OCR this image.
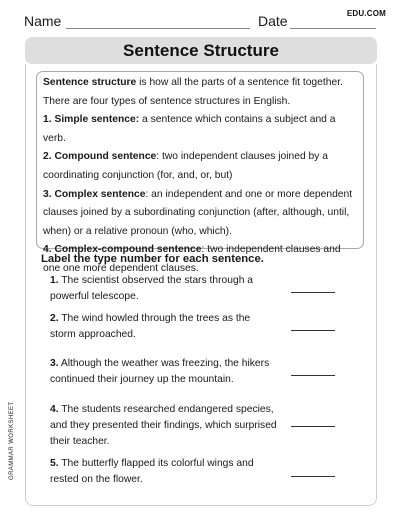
Name	Date	EDU.COM
Sentence Structure

Sentence structure is how all the parts of a sentence fit together. There are four types of sentence structures in English.

1. Simple sentence: a sentence which contains a subject and a verb.

2. Compound sentence: two independent clauses joined by a coordinating conjunction (for, and, or, but)

3. Complex sentence: an independent and one or more dependent clauses joined by a subordinating conjunction (after, although, until, when) or a relative pronoun (who, which).

4. Complex-compound sentence: two independent clauses and one one more dependent clauses.

Label the type number for each sentence.
1. The scientist observed the stars through a powerful telescope.
2. The wind howled through the trees as the storm approached.
3. Although the weather was freezing, the hikers continued their journey up the mountain.
4. The students researched endangered species, and they presented their findings, which surprised their teacher.
5. The butterfly flapped its colorful wings and rested on the flower.
GRAMMAR WORKSHEET
